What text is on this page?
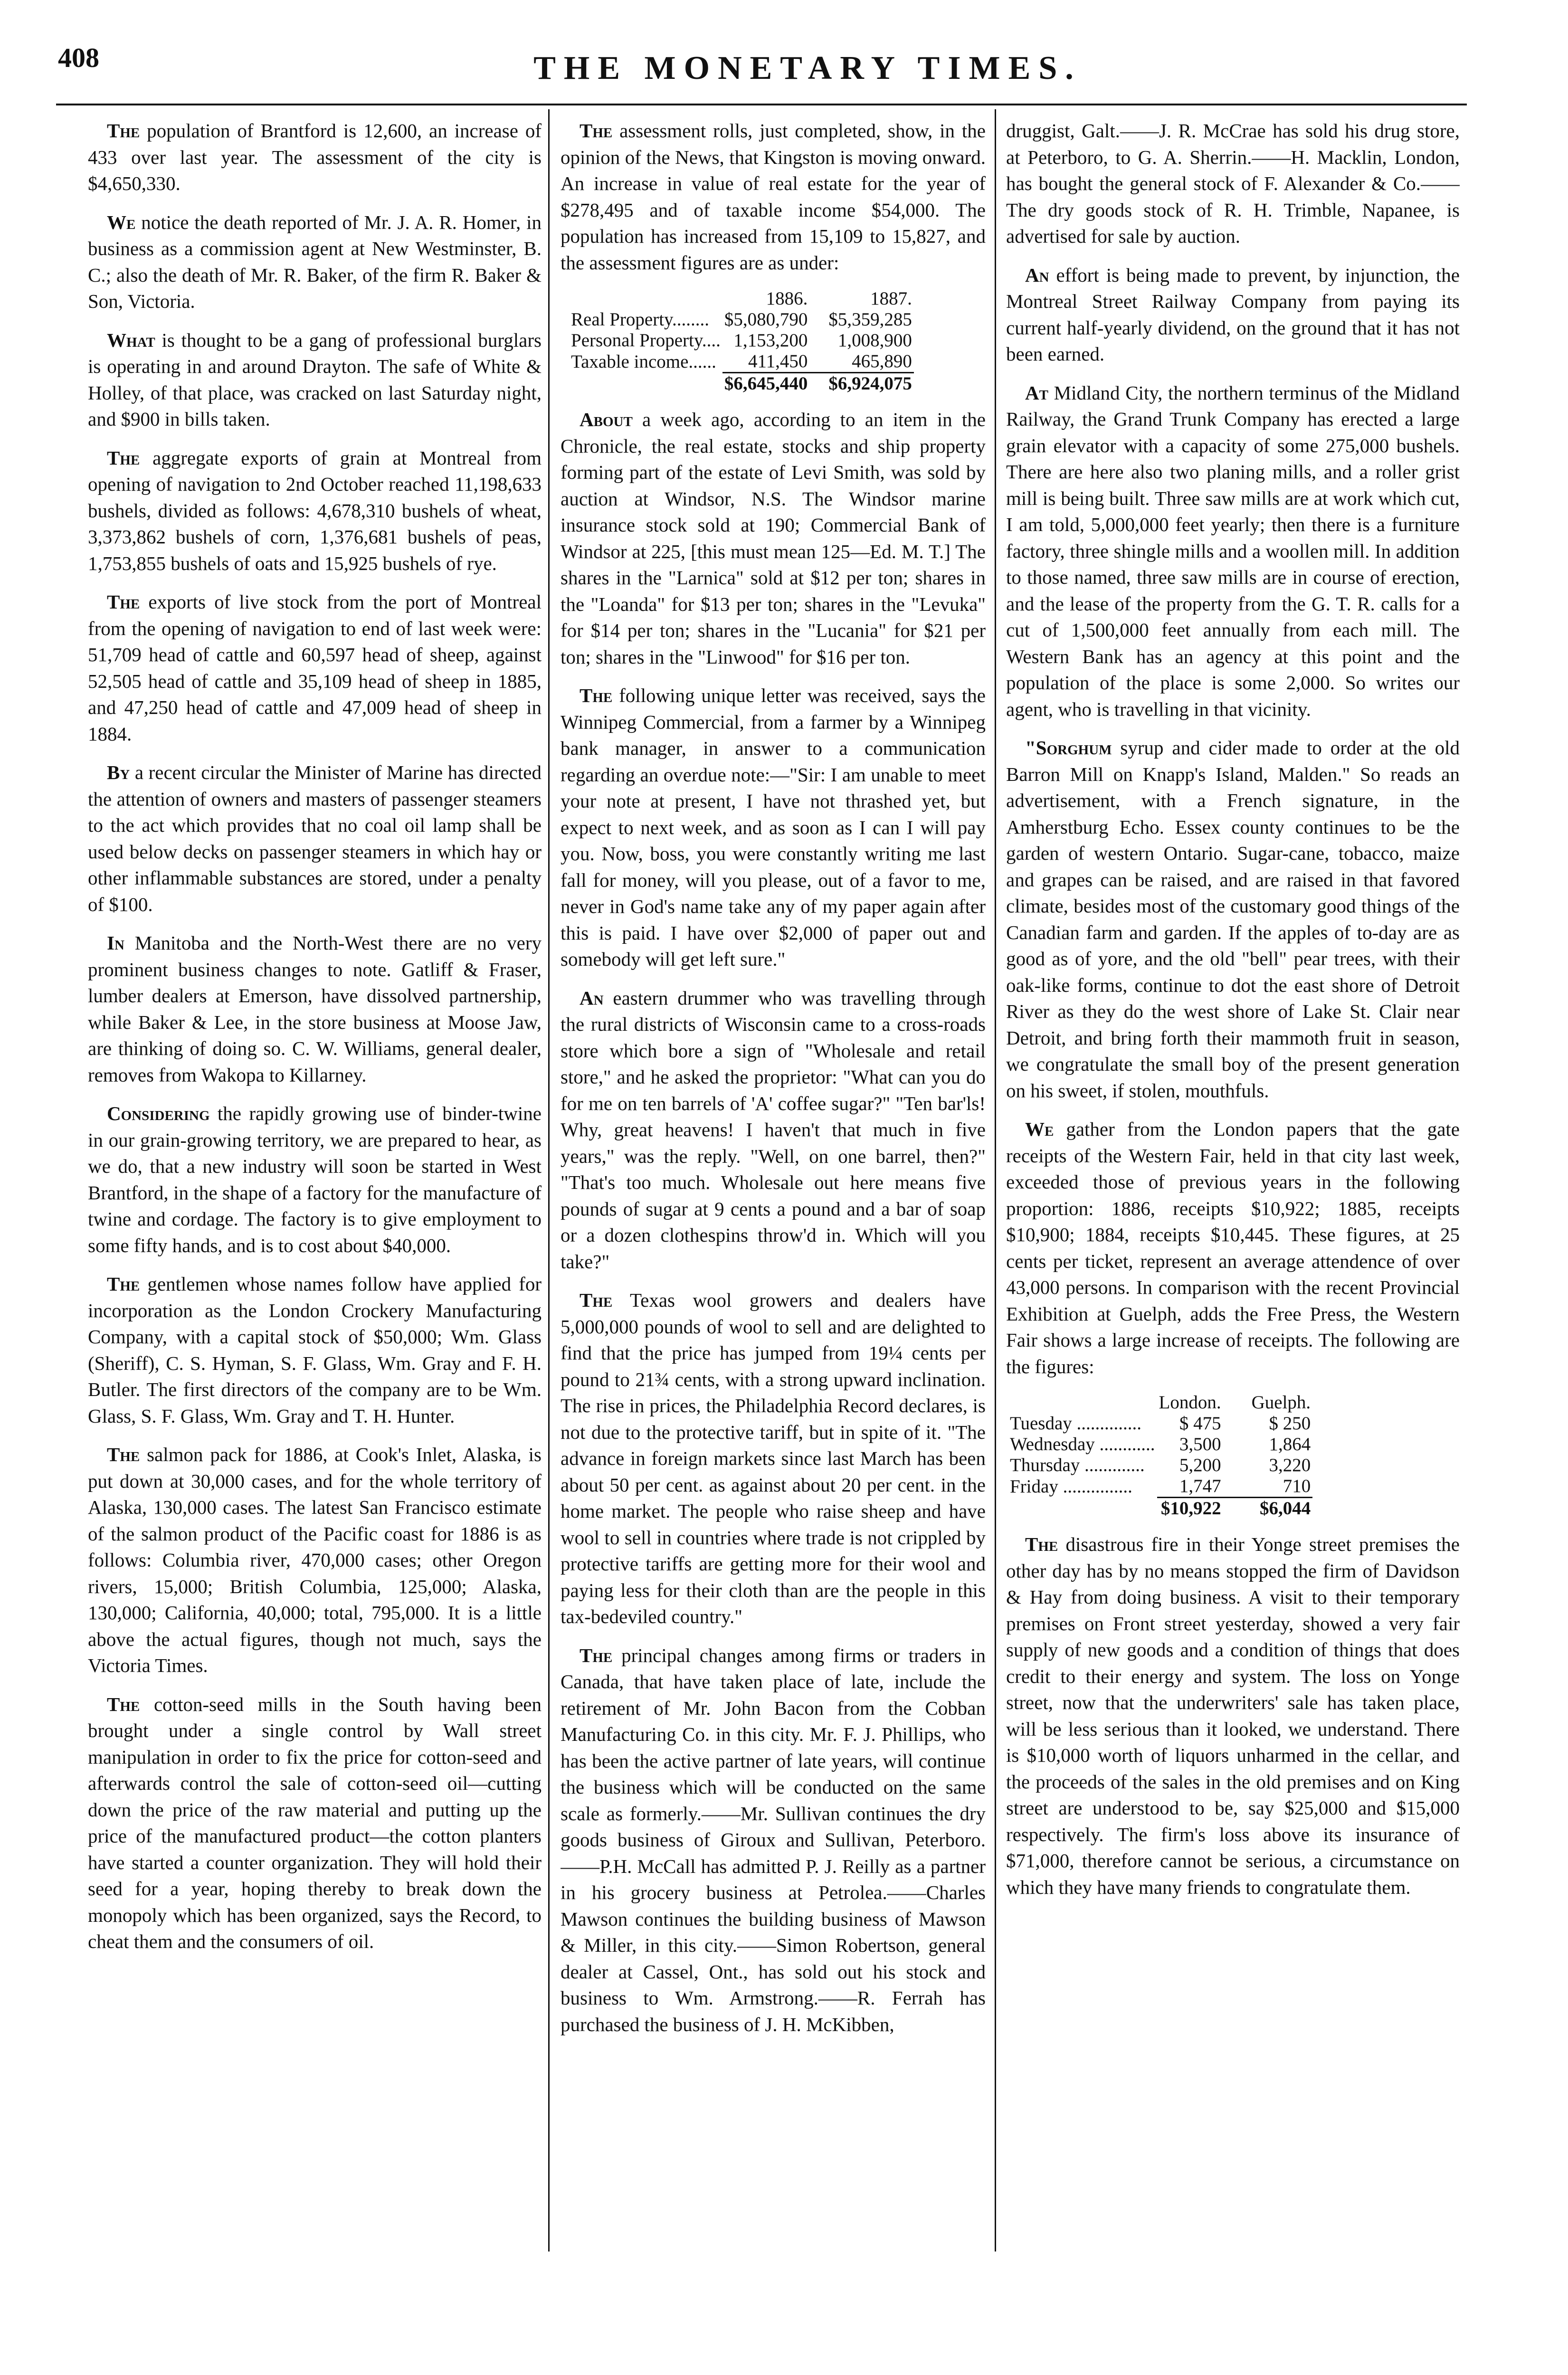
408	THE MONETARY TIMES.

The population of Brantford is 12,600, an increase of 433 over last year. The assessment of the city is $4,650,330.

We notice the death reported of Mr. J. A. R. Homer, in business as a commission agent at New Westminster, B. C.; also the death of Mr. R. Baker, of the firm R. Baker & Son, Victoria.

What is thought to be a gang of professional burglars is operating in and around Drayton. The safe of White & Holley, of that place, was cracked on last Saturday night, and $900 in bills taken.

The aggregate exports of grain at Montreal from opening of navigation to 2nd October reached 11,198,633 bushels, divided as follows: 4,678,310 bushels of wheat, 3,373,862 bushels of corn, 1,376,681 bushels of peas, 1,753,855 bushels of oats and 15,925 bushels of rye.

The exports of live stock from the port of Montreal from the opening of navigation to end of last week were: 51,709 head of cattle and 60,597 head of sheep, against 52,505 head of cattle and 35,109 head of sheep in 1885, and 47,250 head of cattle and 47,009 head of sheep in 1884.

By a recent circular the Minister of Marine has directed the attention of owners and masters of passenger steamers to the act which provides that no coal oil lamp shall be used below decks on passenger steamers in which hay or other inflammable substances are stored, under a penalty of $100.

In Manitoba and the North-West there are no very prominent business changes to note. Gatliff & Fraser, lumber dealers at Emerson, have dissolved partnership, while Baker & Lee, in the store business at Moose Jaw, are thinking of doing so. C. W. Williams, general dealer, removes from Wakopa to Killarney.

Considering the rapidly growing use of binder-twine in our grain-growing territory, we are prepared to hear, as we do, that a new industry will soon be started in West Brantford, in the shape of a factory for the manufacture of twine and cordage. The factory is to give employment to some fifty hands, and is to cost about $40,000.

The gentlemen whose names follow have applied for incorporation as the London Crockery Manufacturing Company, with a capital stock of $50,000; Wm. Glass (Sheriff), C. S. Hyman, S. F. Glass, Wm. Gray and F. H. Butler. The first directors of the company are to be Wm. Glass, S. F. Glass, Wm. Gray and T. H. Hunter.

The salmon pack for 1886, at Cook's Inlet, Alaska, is put down at 30,000 cases, and for the whole territory of Alaska, 130,000 cases. The latest San Francisco estimate of the salmon product of the Pacific coast for 1886 is as follows: Columbia river, 470,000 cases; other Oregon rivers, 15,000; British Columbia, 125,000; Alaska, 130,000; California, 40,000; total, 795,000. It is a little above the actual figures, though not much, says the Victoria Times.

The cotton-seed mills in the South having been brought under a single control by Wall street manipulation in order to fix the price for cotton-seed and afterwards control the sale of cotton-seed oil—cutting down the price of the raw material and putting up the price of the manufactured product—the cotton planters have started a counter organization. They will hold their seed for a year, hoping thereby to break down the monopoly which has been organized, says the Record, to cheat them and the consumers of oil.

The assessment rolls, just completed, show, in the opinion of the News, that Kingston is moving onward. An increase in value of real estate for the year of $278,495 and of taxable income $54,000. The population has increased from 15,109 to 15,827, and the assessment figures are as under:

	1886.	1887.
Real Property........	$5,080,790	$5,359,285
Personal Property....	1,153,200	1,008,900
Taxable income......	411,450	465,890
	$6,645,440	$6,924,075

About a week ago, according to an item in the Chronicle, the real estate, stocks and ship property forming part of the estate of Levi Smith, was sold by auction at Windsor, N.S. The Windsor marine insurance stock sold at 190; Commercial Bank of Windsor at 225, [this must mean 125—Ed. M. T.] The shares in the "Larnica" sold at $12 per ton; shares in the "Loanda" for $13 per ton; shares in the "Levuka" for $14 per ton; shares in the "Lucania" for $21 per ton; shares in the "Linwood" for $16 per ton.

The following unique letter was received, says the Winnipeg Commercial, from a farmer by a Winnipeg bank manager, in answer to a communication regarding an overdue note:—"Sir: I am unable to meet your note at present, I have not thrashed yet, but expect to next week, and as soon as I can I will pay you. Now, boss, you were constantly writing me last fall for money, will you please, out of a favor to me, never in God's name take any of my paper again after this is paid. I have over $2,000 of paper out and somebody will get left sure."

An eastern drummer who was travelling through the rural districts of Wisconsin came to a cross-roads store which bore a sign of "Wholesale and retail store," and he asked the proprietor: "What can you do for me on ten barrels of 'A' coffee sugar?" "Ten bar'ls! Why, great heavens! I haven't that much in five years," was the reply. "Well, on one barrel, then?" "That's too much. Wholesale out here means five pounds of sugar at 9 cents a pound and a bar of soap or a dozen clothespins throw'd in. Which will you take?"

The Texas wool growers and dealers have 5,000,000 pounds of wool to sell and are delighted to find that the price has jumped from 19¼ cents per pound to 21¾ cents, with a strong upward inclination. The rise in prices, the Philadelphia Record declares, is not due to the protective tariff, but in spite of it. "The advance in foreign markets since last March has been about 50 per cent. as against about 20 per cent. in the home market. The people who raise sheep and have wool to sell in countries where trade is not crippled by protective tariffs are getting more for their wool and paying less for their cloth than are the people in this tax-bedeviled country."

The principal changes among firms or traders in Canada, that have taken place of late, include the retirement of Mr. John Bacon from the Cobban Manufacturing Co. in this city. Mr. F. J. Phillips, who has been the active partner of late years, will continue the business which will be conducted on the same scale as formerly.——Mr. Sullivan continues the dry goods business of Giroux and Sullivan, Peterboro.——P.H. McCall has admitted P. J. Reilly as a partner in his grocery business at Petrolea.——Charles Mawson continues the building business of Mawson & Miller, in this city.——Simon Robertson, general dealer at Cassel, Ont., has sold out his stock and business to Wm. Armstrong.——R. Ferrah has purchased the business of J. H. McKibben,

druggist, Galt.——J. R. McCrae has sold his drug store, at Peterboro, to G. A. Sherrin.——H. Macklin, London, has bought the general stock of F. Alexander & Co.——The dry goods stock of R. H. Trimble, Napanee, is advertised for sale by auction.

An effort is being made to prevent, by injunction, the Montreal Street Railway Company from paying its current half-yearly dividend, on the ground that it has not been earned.

At Midland City, the northern terminus of the Midland Railway, the Grand Trunk Company has erected a large grain elevator with a capacity of some 275,000 bushels. There are here also two planing mills, and a roller grist mill is being built. Three saw mills are at work which cut, I am told, 5,000,000 feet yearly; then there is a furniture factory, three shingle mills and a woollen mill. In addition to those named, three saw mills are in course of erection, and the lease of the property from the G. T. R. calls for a cut of 1,500,000 feet annually from each mill. The Western Bank has an agency at this point and the population of the place is some 2,000. So writes our agent, who is travelling in that vicinity.

"Sorghum syrup and cider made to order at the old Barron Mill on Knapp's Island, Malden." So reads an advertisement, with a French signature, in the Amherstburg Echo. Essex county continues to be the garden of western Ontario. Sugar-cane, tobacco, maize and grapes can be raised, and are raised in that favored climate, besides most of the customary good things of the Canadian farm and garden. If the apples of to-day are as good as of yore, and the old "bell" pear trees, with their oak-like forms, continue to dot the east shore of Detroit River as they do the west shore of Lake St. Clair near Detroit, and bring forth their mammoth fruit in season, we congratulate the small boy of the present generation on his sweet, if stolen, mouthfuls.

We gather from the London papers that the gate receipts of the Western Fair, held in that city last week, exceeded those of previous years in the following proportion: 1886, receipts $10,922; 1885, receipts $10,900; 1884, receipts $10,445. These figures, at 25 cents per ticket, represent an average attendence of over 43,000 persons. In comparison with the recent Provincial Exhibition at Guelph, adds the Free Press, the Western Fair shows a large increase of receipts. The following are the figures:

	London.	Guelph.
Tuesday ..............	$ 475	$ 250
Wednesday ............	3,500	1,864
Thursday .............	5,200	3,220
Friday ...............	1,747	710
	$10,922	$6,044

The disastrous fire in their Yonge street premises the other day has by no means stopped the firm of Davidson & Hay from doing business. A visit to their temporary premises on Front street yesterday, showed a very fair supply of new goods and a condition of things that does credit to their energy and system. The loss on Yonge street, now that the underwriters' sale has taken place, will be less serious than it looked, we understand. There is $10,000 worth of liquors unharmed in the cellar, and the proceeds of the sales in the old premises and on King street are understood to be, say $25,000 and $15,000 respectively. The firm's loss above its insurance of $71,000, therefore cannot be serious, a circumstance on which they have many friends to congratulate them.
